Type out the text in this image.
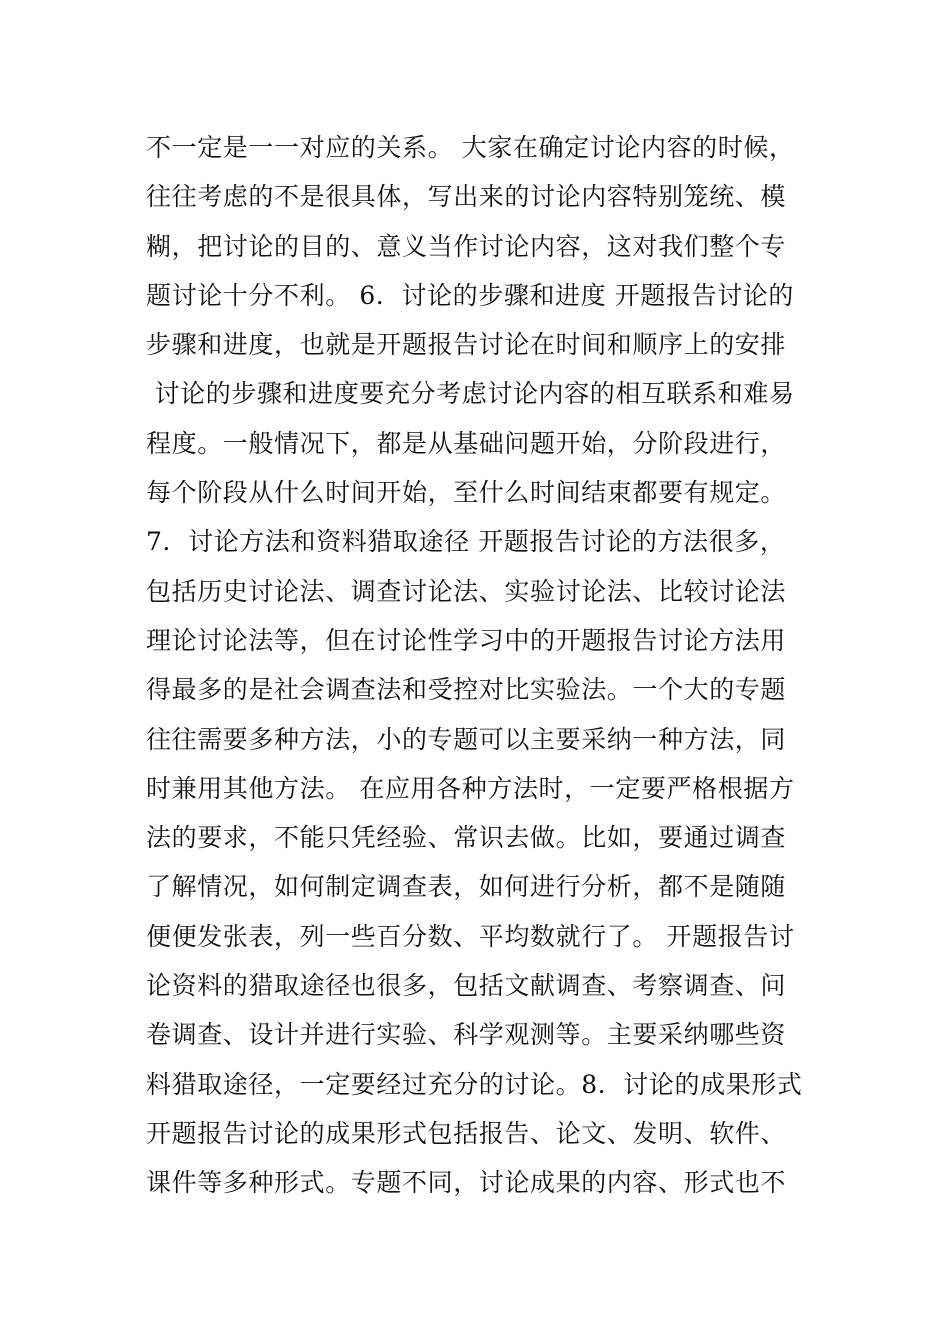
不一定是一一对应的关系。 大家在确定讨论内容的时候，
往往考虑的不是很具体，写出来的讨论内容特别笼统、模
糊，把讨论的目的、意义当作讨论内容，这对我们整个专
题讨论十分不利。 6．讨论的步骤和进度 开题报告讨论的
步骤和进度，也就是开题报告讨论在时间和顺序上的安排
讨论的步骤和进度要充分考虑讨论内容的相互联系和难易
程度。一般情况下，都是从基础问题开始，分阶段进行，
每个阶段从什么时间开始，至什么时间结束都要有规定。
7．讨论方法和资料猎取途径 开题报告讨论的方法很多，
包括历史讨论法、调查讨论法、实验讨论法、比较讨论法
理论讨论法等，但在讨论性学习中的开题报告讨论方法用
得最多的是社会调查法和受控对比实验法。一个大的专题
往往需要多种方法，小的专题可以主要采纳一种方法，同
时兼用其他方法。 在应用各种方法时，一定要严格根据方
法的要求，不能只凭经验、常识去做。比如，要通过调查
了解情况，如何制定调查表，如何进行分析，都不是随随
便便发张表，列一些百分数、平均数就行了。 开题报告讨
论资料的猎取途径也很多，包括文献调查、考察调查、问
卷调查、设计并进行实验、科学观测等。主要采纳哪些资
料猎取途径，一定要经过充分的讨论。8．讨论的成果形式
开题报告讨论的成果形式包括报告、论文、发明、软件、
课件等多种形式。专题不同，讨论成果的内容、形式也不
